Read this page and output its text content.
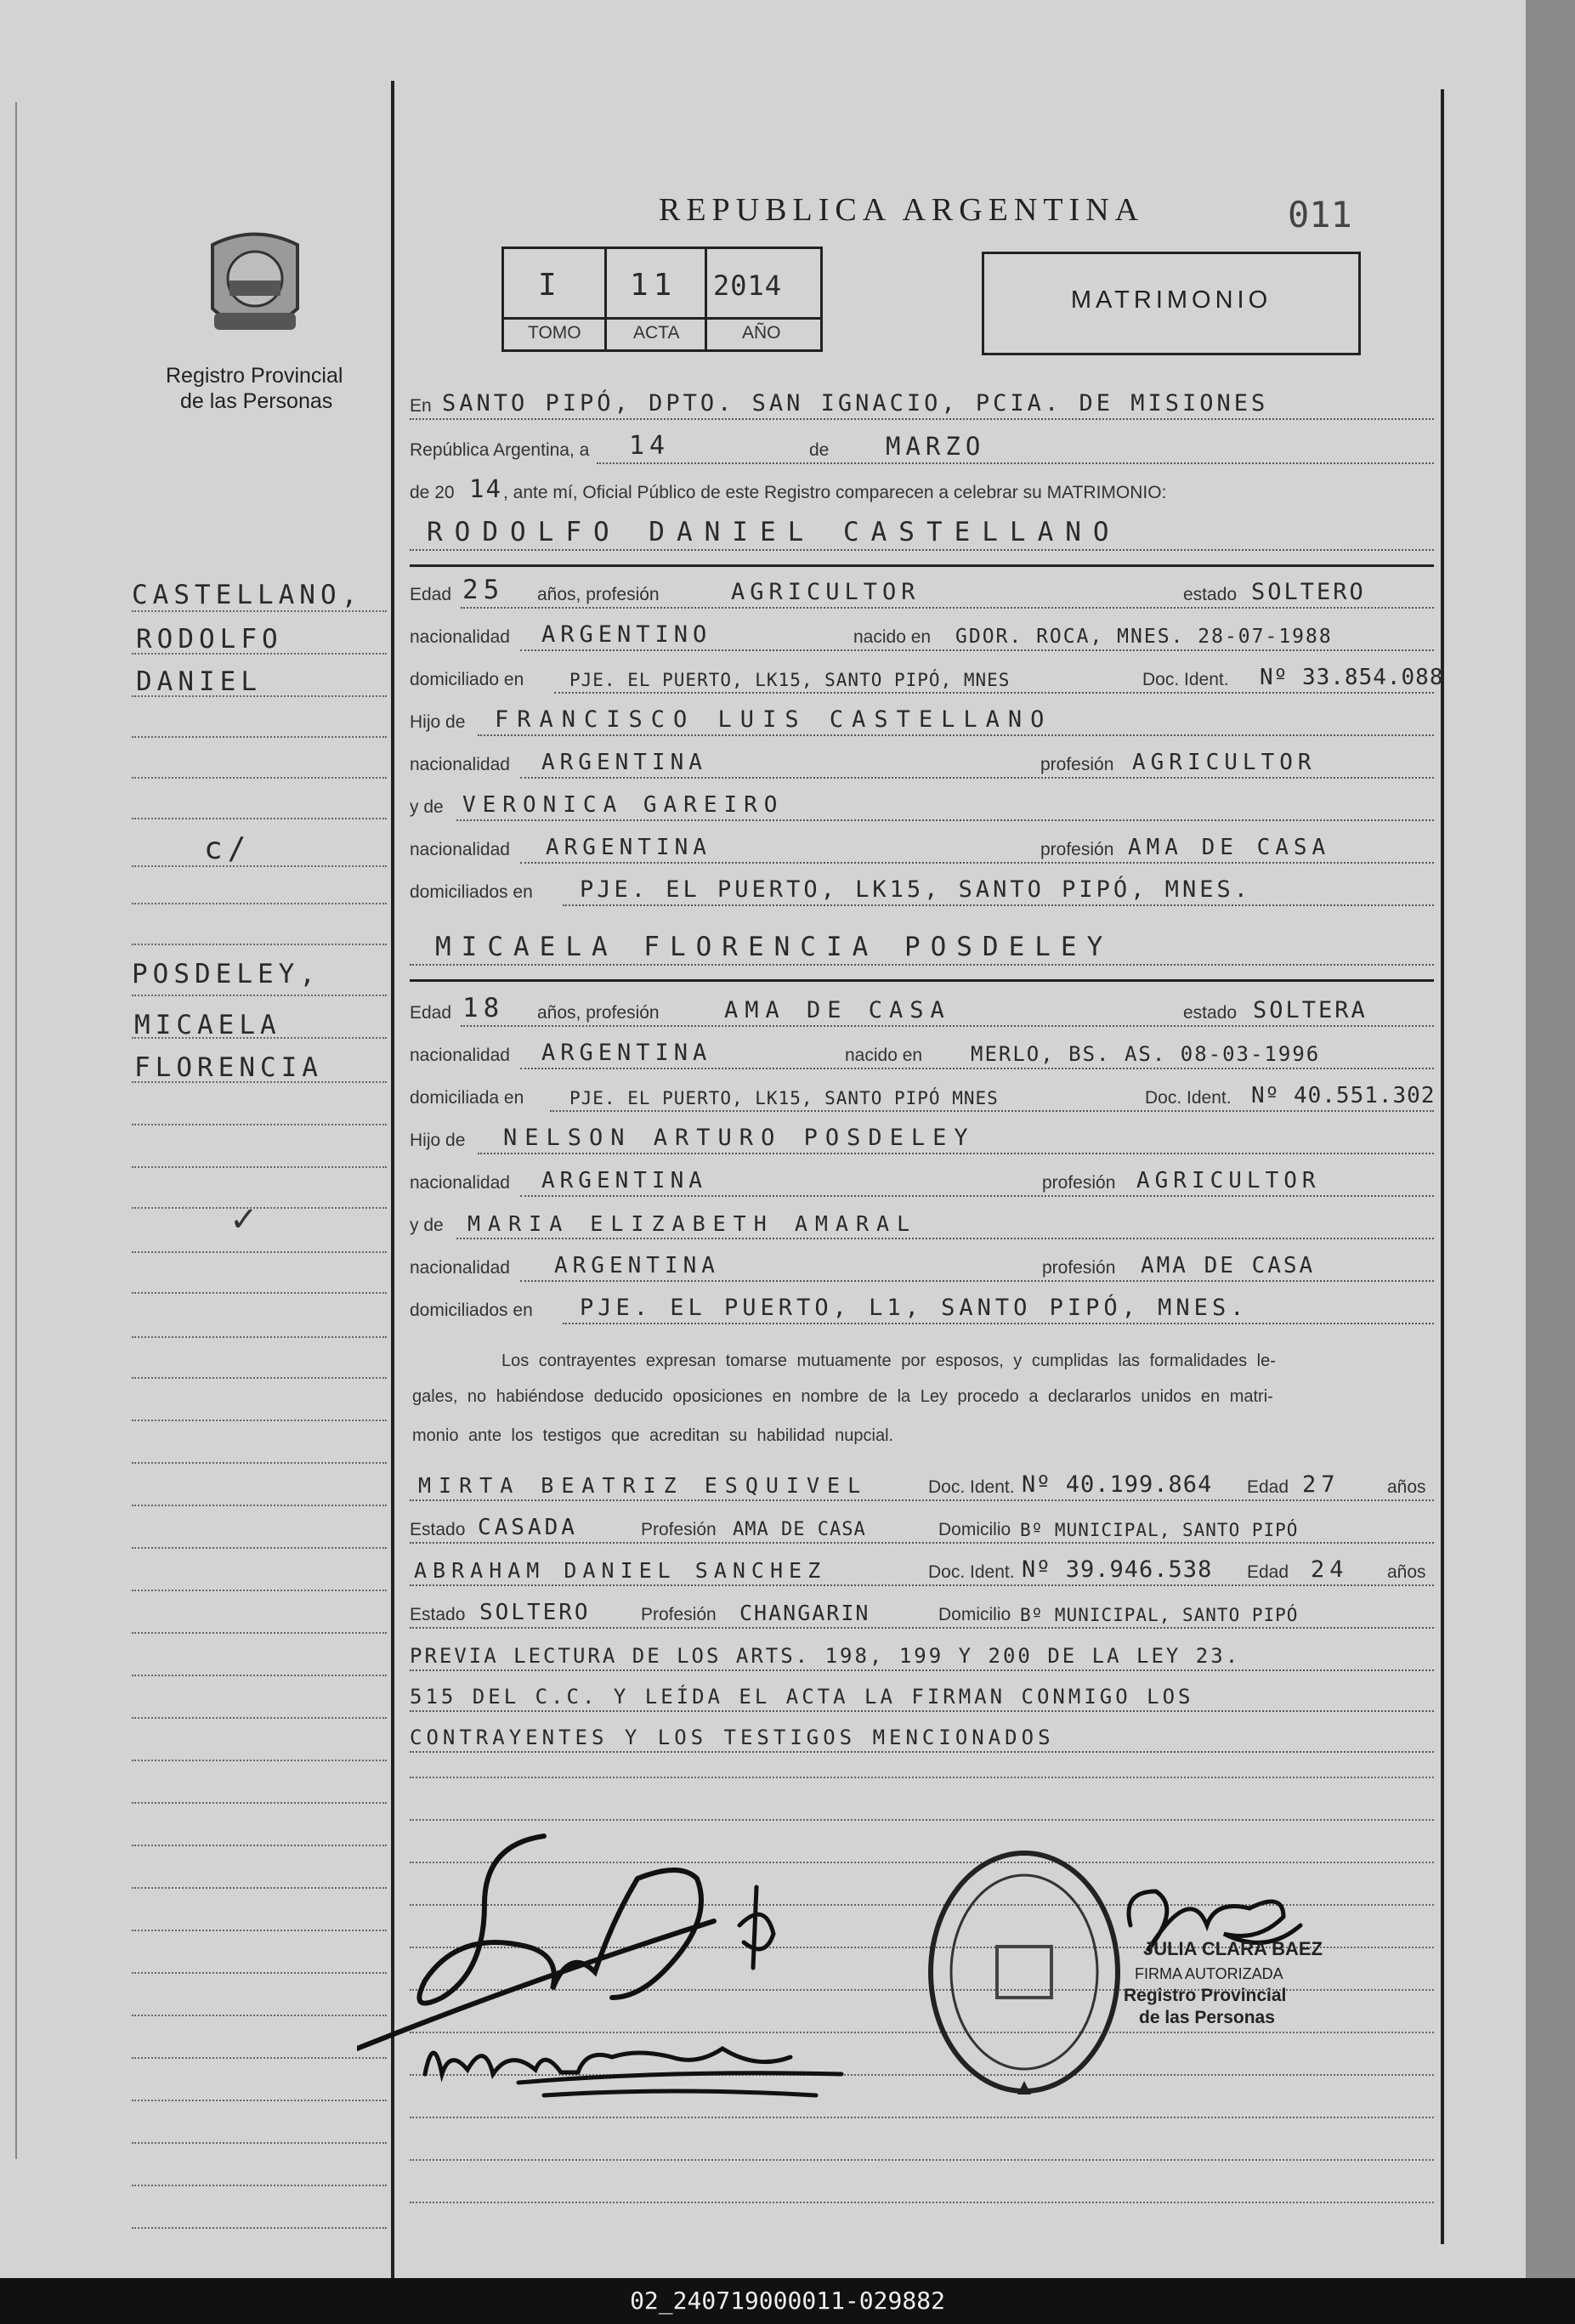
Registro Provincial
de las Personas
REPUBLICA ARGENTINA	011
I 11 2014
TOMO	ACTA	AÑO
MATRIMONIO
CASTELLANO,
RODOLFO
DANIEL
c/
POSDELEY,
MICAELA
FLORENCIA
✓
En SANTO PIPÓ, DPTO. SAN IGNACIO, PCIA. DE MISIONES
República Argentina, a 14	de MARZO
de 20 14 , ante mí, Oficial Público de este Registro comparecen a celebrar su MATRIMONIO:
RODOLFO DANIEL CASTELLANO
Edad 25 años, profesión	AGRICULTOR	estado SOLTERO
nacionalidad ARGENTINO	nacido en GDOR. ROCA, MNES. 28-07-1988
domiciliado en	PJE. EL PUERTO, LK15, SANTO PIPÓ, MNES	Doc. Ident. Nº 33.854.088
Hijo de FRANCISCO LUIS CASTELLANO
nacionalidad ARGENTINA	profesión AGRICULTOR
y de VERONICA GAREIRO
nacionalidad ARGENTINA	profesión AMA DE CASA
domiciliados en PJE. EL PUERTO, LK15, SANTO PIPÓ, MNES.
MICAELA FLORENCIA POSDELEY
Edad 18 años, profesión	AMA DE CASA	estado SOLTERA
nacionalidad ARGENTINA	nacido en MERLO, BS. AS. 08-03-1996
domiciliada en	PJE. EL PUERTO, LK15, SANTO PIPÓ MNES	Doc. Ident. Nº 40.551.302
Hijo de NELSON ARTURO POSDELEY
nacionalidad ARGENTINA	profesión AGRICULTOR
y de MARIA ELIZABETH AMARAL
nacionalidad ARGENTINA	profesión AMA DE CASA
domiciliados en PJE. EL PUERTO, L1, SANTO PIPÓ, MNES.
Los contrayentes expresan tomarse mutuamente por esposos, y cumplidas las formalidades le-
gales, no habiéndose deducido oposiciones en nombre de la Ley procedo a declararlos unidos en matri-
monio ante los testigos que acreditan su habilidad nupcial.
MIRTA BEATRIZ ESQUIVEL	Doc. Ident. Nº 40.199.864 Edad 27	años
Estado CASADA	Profesión AMA DE CASA	Domicilio Bº MUNICIPAL, SANTO PIPÓ
ABRAHAM DANIEL SANCHEZ	Doc. Ident. Nº 39.946.538 Edad 24 años
Estado SOLTERO	Profesión CHANGARIN	Domicilio Bº MUNICIPAL, SANTO PIPÓ
PREVIA LECTURA DE LOS ARTS. 198, 199 Y 200 DE LA LEY 23.
515 DEL C.C. Y LEÍDA EL ACTA LA FIRMAN CONMIGO LOS
CONTRAYENTES Y LOS TESTIGOS MENCIONADOS
JULIA CLARA BAEZ
FIRMA AUTORIZADA
Registro Provincial
de las Personas
02_240719000011-029882
